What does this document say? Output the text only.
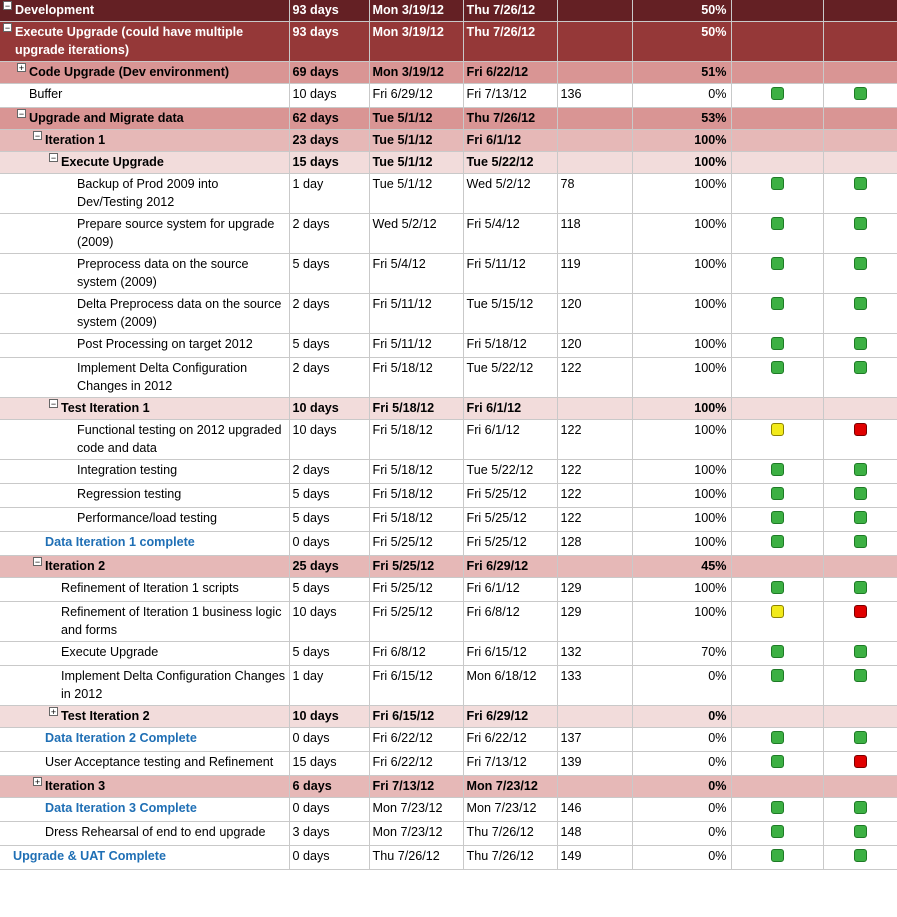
− Development	93 days	Mon 3/19/12	Thu 7/26/12		50%			

− Execute Upgrade (could have multiple upgrade iterations)	93 days	Mon 3/19/12	Thu 7/26/12		50%			

+ Code Upgrade (Dev environment)	69 days	Mon 3/19/12	Fri 6/22/12		51%			

Buffer	10 days	Fri 6/29/12	Fri 7/13/12	136	0%			

− Upgrade and Migrate data	62 days	Tue 5/1/12	Thu 7/26/12		53%			

− Iteration 1	23 days	Tue 5/1/12	Fri 6/1/12		100%			

− Execute Upgrade	15 days	Tue 5/1/12	Tue 5/22/12		100%			

Backup of Prod 2009 into Dev/Testing 2012	1 day	Tue 5/1/12	Wed 5/2/12	78	100%			

Prepare source system for upgrade (2009)	2 days	Wed 5/2/12	Fri 5/4/12	118	100%			

Preprocess data on the source system (2009)	5 days	Fri 5/4/12	Fri 5/11/12	119	100%			

Delta Preprocess data on the source system (2009)	2 days	Fri 5/11/12	Tue 5/15/12	120	100%			

Post Processing on target 2012	5 days	Fri 5/11/12	Fri 5/18/12	120	100%			

Implement Delta Configuration Changes in 2012	2 days	Fri 5/18/12	Tue 5/22/12	122	100%			

− Test Iteration 1	10 days	Fri 5/18/12	Fri 6/1/12		100%			

Functional testing on 2012 upgraded code and data	10 days	Fri 5/18/12	Fri 6/1/12	122	100%			

Integration testing	2 days	Fri 5/18/12	Tue 5/22/12	122	100%			

Regression testing	5 days	Fri 5/18/12	Fri 5/25/12	122	100%			

Performance/load testing	5 days	Fri 5/18/12	Fri 5/25/12	122	100%			

Data Iteration 1 complete	0 days	Fri 5/25/12	Fri 5/25/12	128	100%			

− Iteration 2	25 days	Fri 5/25/12	Fri 6/29/12		45%			

Refinement of Iteration 1 scripts	5 days	Fri 5/25/12	Fri 6/1/12	129	100%			

Refinement of Iteration 1 business logic and forms	10 days	Fri 5/25/12	Fri 6/8/12	129	100%			

Execute Upgrade	5 days	Fri 6/8/12	Fri 6/15/12	132	70%			

Implement Delta Configuration Changes in 2012	1 day	Fri 6/15/12	Mon 6/18/12	133	0%			

+ Test Iteration 2	10 days	Fri 6/15/12	Fri 6/29/12		0%			

Data Iteration 2 Complete	0 days	Fri 6/22/12	Fri 6/22/12	137	0%			

User Acceptance testing and Refinement	15 days	Fri 6/22/12	Fri 7/13/12	139	0%			

+ Iteration 3	6 days	Fri 7/13/12	Mon 7/23/12		0%			

Data Iteration 3 Complete	0 days	Mon 7/23/12	Mon 7/23/12	146	0%			

Dress Rehearsal of end to end upgrade	3 days	Mon 7/23/12	Thu 7/26/12	148	0%			

Upgrade & UAT Complete	0 days	Thu 7/26/12	Thu 7/26/12	149	0%			
